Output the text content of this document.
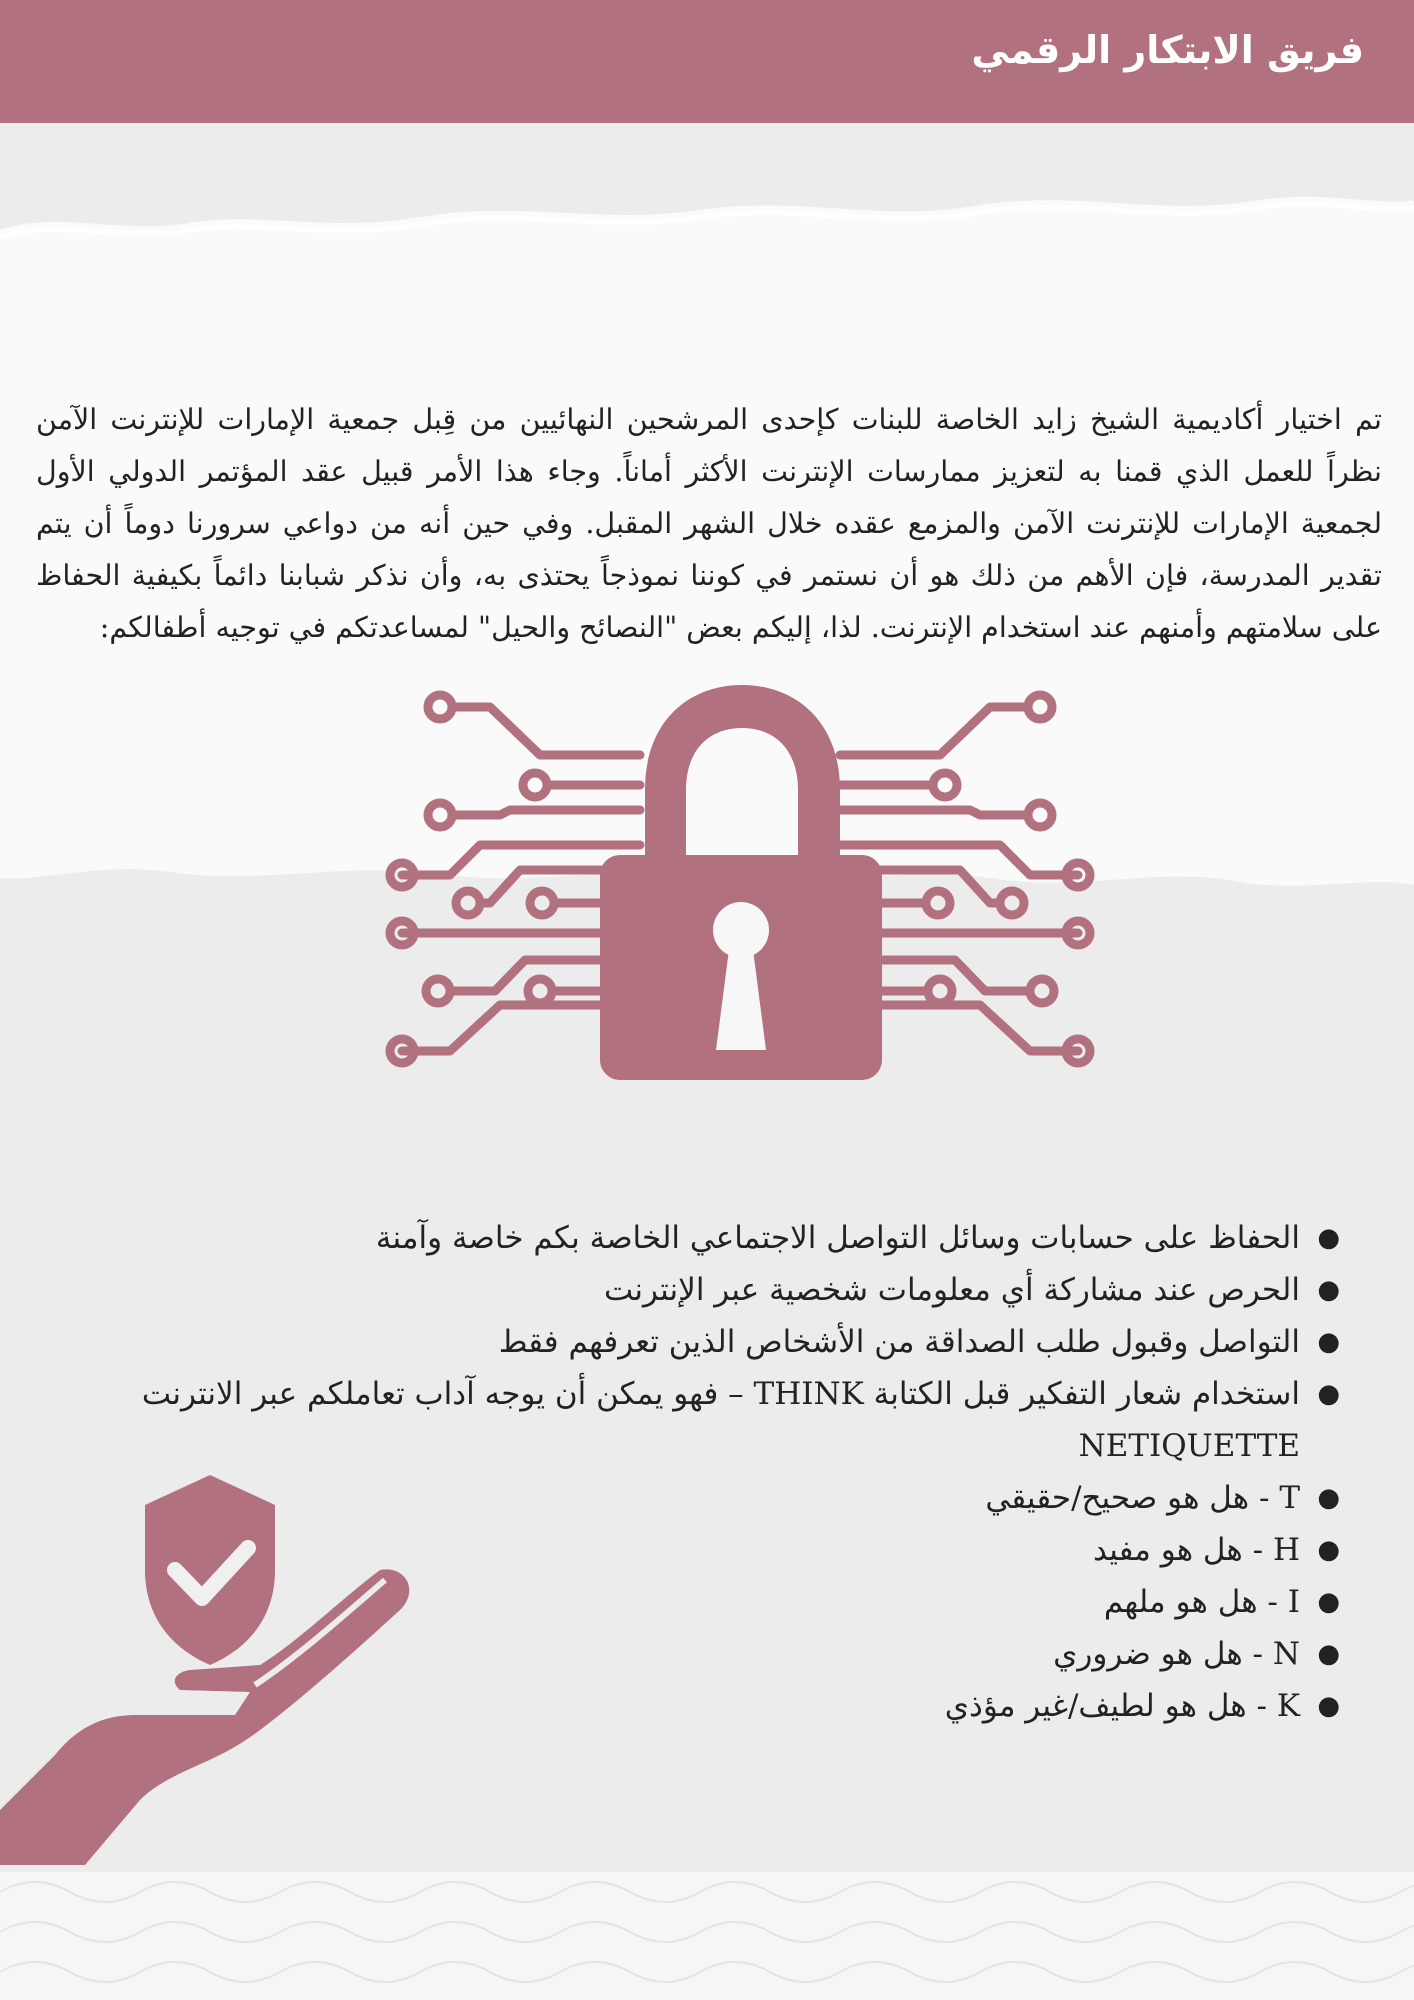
فريق الابتكار الرقمي

تم اختيار أكاديمية الشيخ زايد الخاصة للبنات كإحدى المرشحين النهائيين من قِبل جمعية الإمارات للإنترنت الآمن نظراً للعمل الذي قمنا به لتعزيز ممارسات الإنترنت الأكثر أماناً. وجاء هذا الأمر قبيل عقد المؤتمر الدولي الأول لجمعية الإمارات للإنترنت الآمن والمزمع عقده خلال الشهر المقبل. وفي حين أنه من دواعي سرورنا دوماً أن يتم تقدير المدرسة، فإن الأهم من ذلك هو أن نستمر في كوننا نموذجاً يحتذى به، وأن نذكر شبابنا دائماً بكيفية الحفاظ على سلامتهم وأمنهم عند استخدام الإنترنت. لذا، إليكم بعض "النصائح والحيل" لمساعدتكم في توجيه أطفالكم:

●
الحفاظ على حسابات وسائل التواصل الاجتماعي الخاصة بكم خاصة وآمنة
●
الحرص عند مشاركة أي معلومات شخصية عبر الإنترنت
●
التواصل وقبول طلب الصداقة من الأشخاص الذين تعرفهم فقط
●
استخدام شعار التفكير قبل الكتابة THINK – فهو يمكن أن يوجه آداب تعاملكم عبر الانترنت NETIQUETTE
●
T - هل هو صحيح/حقيقي
●
H - هل هو مفيد
●
I - هل هو ملهم
●
N - هل هو ضروري
●
K - هل هو لطيف/غير مؤذي
